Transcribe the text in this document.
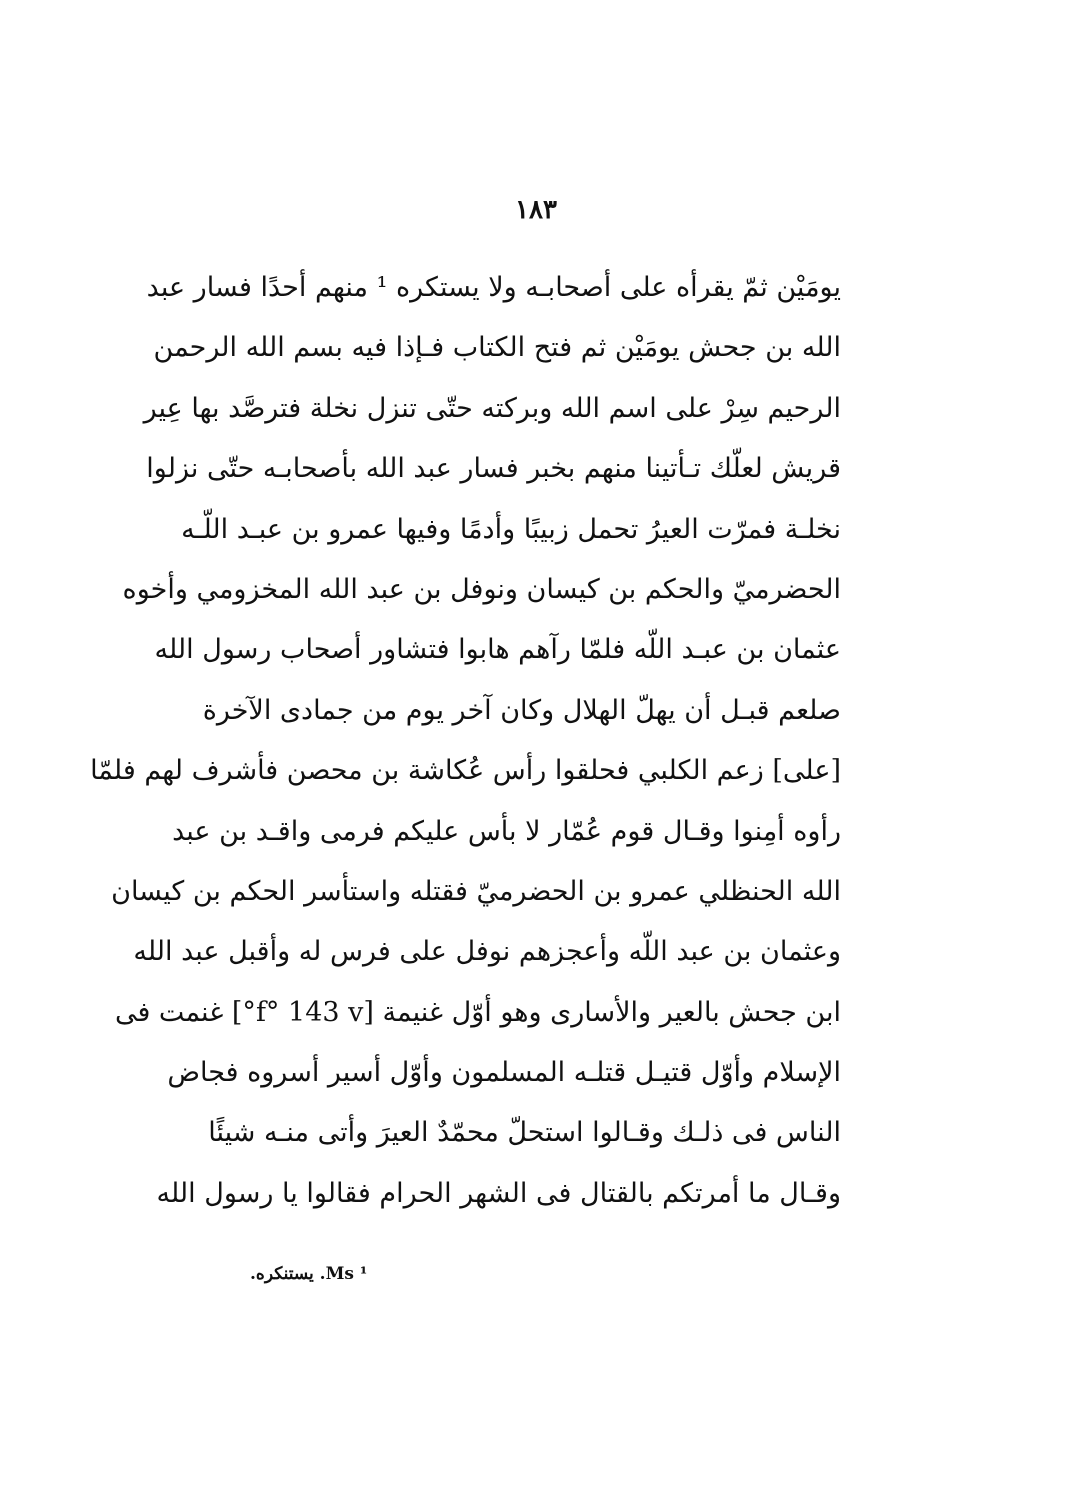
١٨٣
يومَيْن ثمّ يقرأه على أصحابـه ولا يستكره ¹ منهم أحدًا فسار عبد
الله بن جحش يومَيْن ثم فتح الكتاب فـإذا فيه بسم الله الرحمن
الرحيم سِرْ على اسم الله وبركته حتّى تنزل نخلة فترصَّد بها عِير
قريش لعلّك تـأتينا منهم بخبر فسار عبد الله بأصحابـه حتّى نزلوا
نخلـة فمرّت العيرُ تحمل زبيبًا وأدمًا وفيها عمرو بن عبـد اللّـه
الحضرميّ والحكم بن كيسان ونوفل بن عبد الله المخزومي وأخوه
عثمان بن عبـد اللّه فلمّا رآهم هابوا فتشاور أصحاب رسول الله
صلعم قبـل أن يهلّ الهلال وكان آخر يوم من جمادى الآخرة
[على] زعم الكلبي فحلقوا رأس عُكاشة بن محصن فأشرف لهم فلمّا
رأوه أمِنوا وقـال قوم عُمّار لا بأس عليكم فرمى واقـد بن عبد
الله الحنظلي عمرو بن الحضرميّ فقتله واستأسر الحكم بن كيسان
وعثمان بن عبد اللّه وأعجزهم نوفل على فرس له وأقبل عبد الله
ابن جحش بالعير والأسارى وهو أوّل غنيمة [f° 143 v°] غنمت فى
الإسلام وأوّل قتيـل قتلـه المسلمون وأوّل أسير أسروه فجاض
الناس فى ذلـك وقـالوا استحلّ محمّدٌ العيرَ وأتى منـه شيئًا
وقـال ما أمرتكم بالقتال فى الشهر الحرام فقالوا يا رسول الله
¹ Ms. يستنكره.
